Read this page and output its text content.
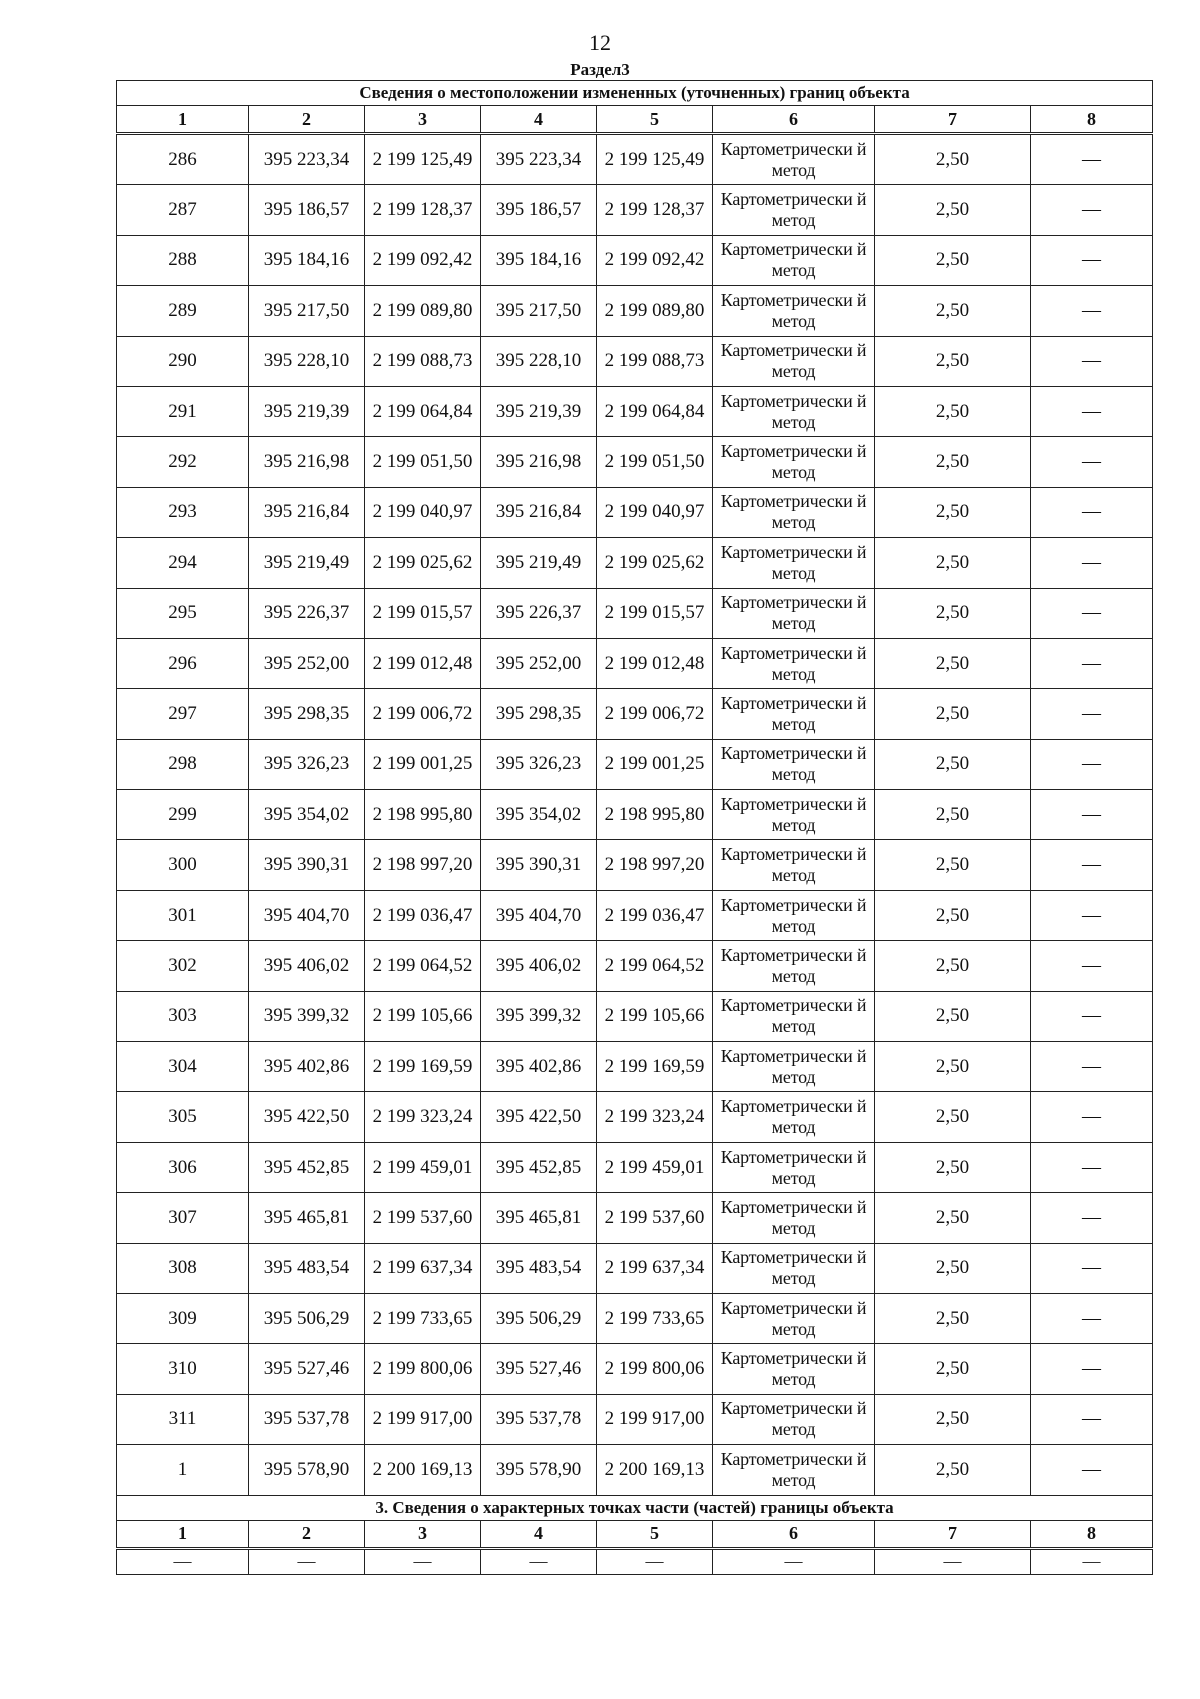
12
Раздел3
Сведения о местоположении измененных (уточненных) границ объекта							
1	2	3	4	5	6	7	8
286	395 223,34	2 199 125,49	395 223,34	2 199 125,49	Картометрически й метод	2,50	—
287	395 186,57	2 199 128,37	395 186,57	2 199 128,37	Картометрически й метод	2,50	—
288	395 184,16	2 199 092,42	395 184,16	2 199 092,42	Картометрически й метод	2,50	—
289	395 217,50	2 199 089,80	395 217,50	2 199 089,80	Картометрически й метод	2,50	—
290	395 228,10	2 199 088,73	395 228,10	2 199 088,73	Картометрически й метод	2,50	—
291	395 219,39	2 199 064,84	395 219,39	2 199 064,84	Картометрически й метод	2,50	—
292	395 216,98	2 199 051,50	395 216,98	2 199 051,50	Картометрически й метод	2,50	—
293	395 216,84	2 199 040,97	395 216,84	2 199 040,97	Картометрически й метод	2,50	—
294	395 219,49	2 199 025,62	395 219,49	2 199 025,62	Картометрически й метод	2,50	—
295	395 226,37	2 199 015,57	395 226,37	2 199 015,57	Картометрически й метод	2,50	—
296	395 252,00	2 199 012,48	395 252,00	2 199 012,48	Картометрически й метод	2,50	—
297	395 298,35	2 199 006,72	395 298,35	2 199 006,72	Картометрически й метод	2,50	—
298	395 326,23	2 199 001,25	395 326,23	2 199 001,25	Картометрически й метод	2,50	—
299	395 354,02	2 198 995,80	395 354,02	2 198 995,80	Картометрически й метод	2,50	—
300	395 390,31	2 198 997,20	395 390,31	2 198 997,20	Картометрически й метод	2,50	—
301	395 404,70	2 199 036,47	395 404,70	2 199 036,47	Картометрически й метод	2,50	—
302	395 406,02	2 199 064,52	395 406,02	2 199 064,52	Картометрически й метод	2,50	—
303	395 399,32	2 199 105,66	395 399,32	2 199 105,66	Картометрически й метод	2,50	—
304	395 402,86	2 199 169,59	395 402,86	2 199 169,59	Картометрически й метод	2,50	—
305	395 422,50	2 199 323,24	395 422,50	2 199 323,24	Картометрически й метод	2,50	—
306	395 452,85	2 199 459,01	395 452,85	2 199 459,01	Картометрически й метод	2,50	—
307	395 465,81	2 199 537,60	395 465,81	2 199 537,60	Картометрически й метод	2,50	—
308	395 483,54	2 199 637,34	395 483,54	2 199 637,34	Картометрически й метод	2,50	—
309	395 506,29	2 199 733,65	395 506,29	2 199 733,65	Картометрически й метод	2,50	—
310	395 527,46	2 199 800,06	395 527,46	2 199 800,06	Картометрически й метод	2,50	—
311	395 537,78	2 199 917,00	395 537,78	2 199 917,00	Картометрически й метод	2,50	—
1	395 578,90	2 200 169,13	395 578,90	2 200 169,13	Картометрически й метод	2,50	—
3. Сведения о характерных точках части (частей) границы объекта							
1	2	3	4	5	6	7	8
—	—	—	—	—	—	—	—
